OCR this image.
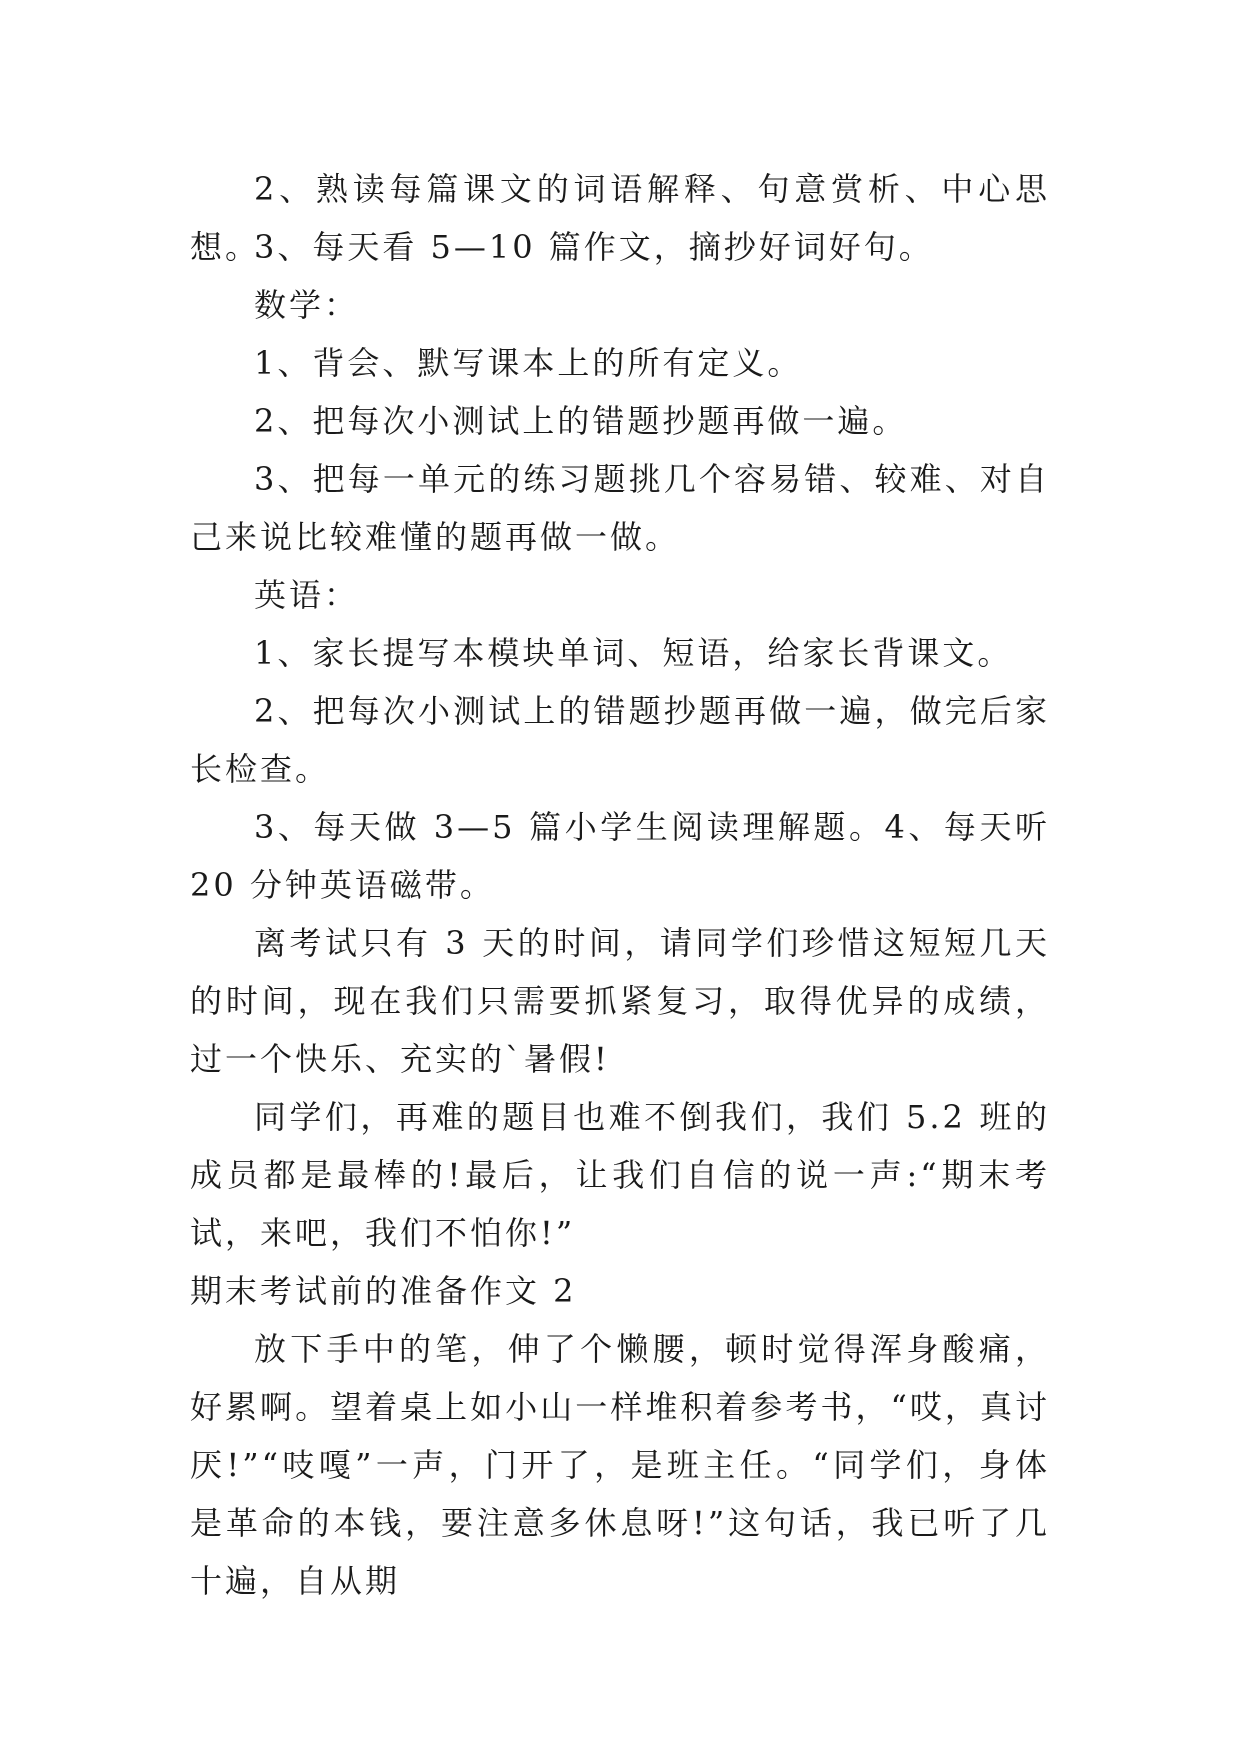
2、熟读每篇课文的词语解释、句意赏析、中心思想。

3、每天看 5—10 篇作文，摘抄好词好句。

数学：

1、背会、默写课本上的所有定义。

2、把每次小测试上的错题抄题再做一遍。

3、把每一单元的练习题挑几个容易错、较难、对自己来说比较难懂的题再做一做。

英语：

1、家长提写本模块单词、短语，给家长背课文。

2、把每次小测试上的错题抄题再做一遍，做完后家长检查。

3、每天做 3—5 篇小学生阅读理解题。4、每天听 20 分钟英语磁带。

离考试只有 3 天的时间，请同学们珍惜这短短几天的时间，现在我们只需要抓紧复习，取得优异的成绩，过一个快乐、充实的`暑假!

同学们，再难的题目也难不倒我们，我们 5.2 班的成员都是最棒的!最后，让我们自信的说一声:“期末考试，来吧，我们不怕你!”

期末考试前的准备作文 2

放下手中的笔，伸了个懒腰，顿时觉得浑身酸痛，好累啊。望着桌上如小山一样堆积着参考书，“哎，真讨厌!”“吱嘎”一声，门开了，是班主任。“同学们，身体是革命的本钱，要注意多休息呀!”这句话，我已听了几十遍，自从期
